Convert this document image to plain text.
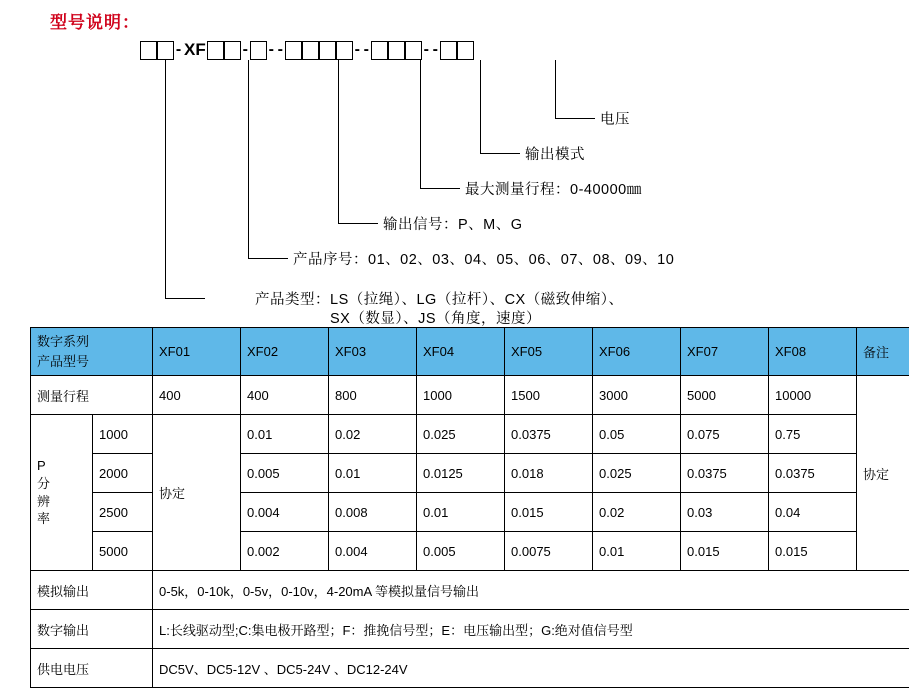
型号说明：
- XF - - -	- -	- -
电压
输出模式
最大测量行程：0-40000㎜
输出信号：P、M、G
产品序号：01、02、03、04、05、06、07、08、09、10
产品类型：LS（拉绳）、LG（拉杆）、CX（磁致伸缩）、
SX（数显）、JS（角度，速度）
数字系列
产品型号		XF01	XF02	XF03	XF04	XF05	XF06	XF07	XF08	备注
测量行程		400	400	800	1000	1500	3000	5000	10000	协定

P
分
辨
率	1000	协定	0.01	0.02	0.025	0.0375	0.05	0.075	0.75	
	2000		0.005	0.01	0.0125	0.018	0.025	0.0375	0.0375	
	2500		0.004	0.008	0.01	0.015	0.02	0.03	0.04	
	5000		0.002	0.004	0.005	0.0075	0.01	0.015	0.015	
模拟输出		0-5k，0-10k，0-5v，0-10v，4-20mA 等模拟量信号输出								
数字输出		L:长线驱动型;C:集电极开路型；F：推挽信号型；E：电压输出型；G:绝对值信号型								
供电电压		DC5V、DC5-12V 、DC5-24V 、DC12-24V								
